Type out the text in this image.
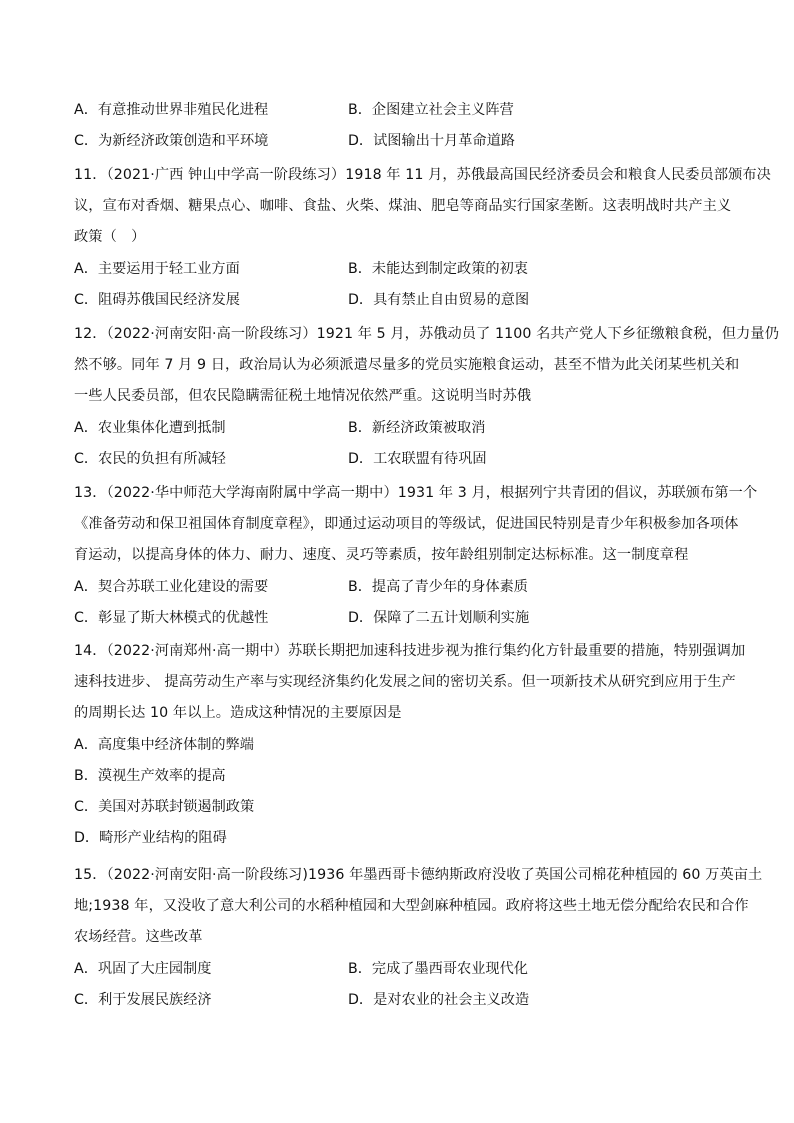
A．有意推动世界非殖民化进程	B．企图建立社会主义阵营
C．为新经济政策创造和平环境	D．试图输出十月革命道路
11．（2021·广西 钟山中学高一阶段练习）1918 年 11 月，苏俄最高国民经济委员会和粮食人民委员部颁布决
议，宣布对香烟、糖果点心、咖啡、食盐、火柴、煤油、肥皂等商品实行国家垄断。这表明战时共产主义
政策（　）
A．主要运用于轻工业方面	B．未能达到制定政策的初衷
C．阻碍苏俄国民经济发展	D．具有禁止自由贸易的意图
12．（2022·河南安阳·高一阶段练习）1921 年 5 月，苏俄动员了 1100 名共产党人下乡征缴粮食税，但力量仍
然不够。同年 7 月 9 日，政治局认为必须派遣尽量多的党员实施粮食运动，甚至不惜为此关闭某些机关和
一些人民委员部，但农民隐瞒需征税土地情况依然严重。这说明当时苏俄
A．农业集体化遭到抵制	B．新经济政策被取消
C．农民的负担有所减轻	D．工农联盟有待巩固
13．（2022·华中师范大学海南附属中学高一期中）1931 年 3 月，根据列宁共青团的倡议，苏联颁布第一个
《准备劳动和保卫祖国体育制度章程》，即通过运动项目的等级试，促进国民特别是青少年积极参加各项体
育运动，以提高身体的体力、耐力、速度、灵巧等素质，按年龄组别制定达标标准。这一制度章程
A．契合苏联工业化建设的需要	B．提高了青少年的身体素质
C．彰显了斯大林模式的优越性	D．保障了二五计划顺利实施
14．（2022·河南郑州·高一期中）苏联长期把加速科技进步视为推行集约化方针最重要的措施，特别强调加
速科技进步、 提高劳动生产率与实现经济集约化发展之间的密切关系。但一项新技术从研究到应用于生产
的周期长达 10 年以上。造成这种情况的主要原因是
A．高度集中经济体制的弊端
B．漠视生产效率的提高
C．美国对苏联封锁遏制政策
D．畸形产业结构的阻碍
15．（2022·河南安阳·高一阶段练习)1936 年墨西哥卡德纳斯政府没收了英国公司棉花种植园的 60 万英亩土
地;1938 年，又没收了意大利公司的水稻种植园和大型剑麻种植园。政府将这些土地无偿分配给农民和合作
农场经营。这些改革
A．巩固了大庄园制度	B．完成了墨西哥农业现代化
C．利于发展民族经济	D．是对农业的社会主义改造
